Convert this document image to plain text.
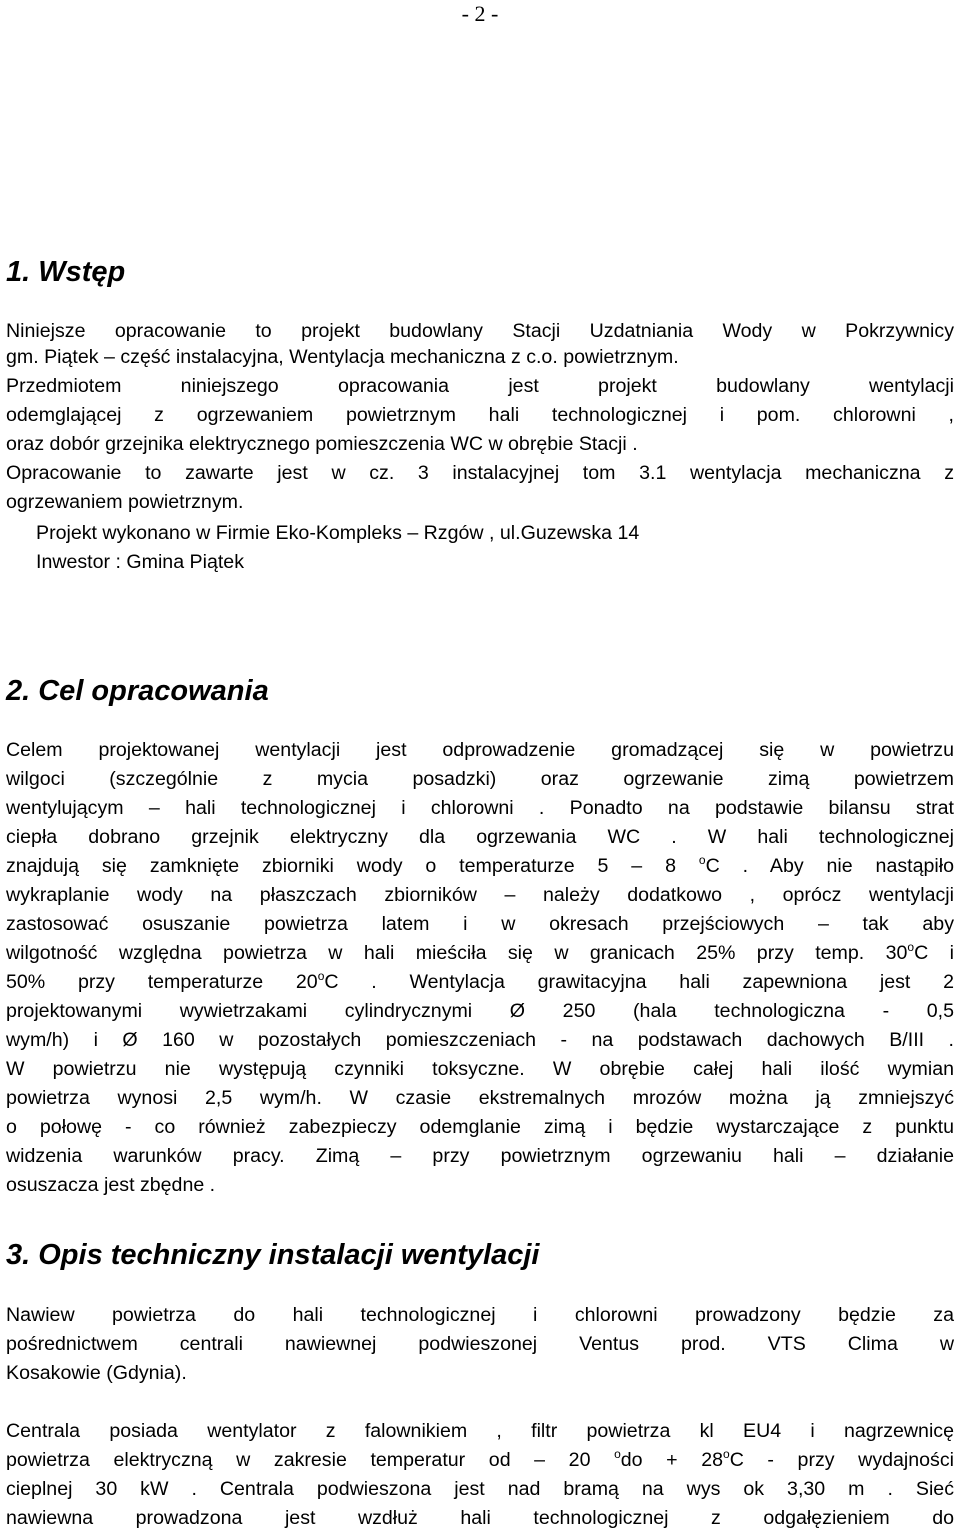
- 2 -
1. Wstęp
Niniejsze opracowanie to projekt budowlany Stacji Uzdatniania Wody w Pokrzywnicy
gm. Piątek – część instalacyjna, Wentylacja mechaniczna z c.o. powietrznym.
Przedmiotem niniejszego opracowania jest projekt budowlany wentylacji
odemglającej z ogrzewaniem powietrznym hali technologicznej i pom. chlorowni ,
oraz dobór grzejnika elektrycznego pomieszczenia WC w obrębie Stacji .
Opracowanie to zawarte jest w cz. 3 instalacyjnej tom 3.1 wentylacja mechaniczna z
ogrzewaniem powietrznym.
Projekt wykonano w Firmie Eko-Kompleks – Rzgów , ul.Guzewska 14
Inwestor : Gmina Piątek
2. Cel opracowania
Celem projektowanej wentylacji jest odprowadzenie gromadzącej się w powietrzu
wilgoci (szczególnie z mycia posadzki) oraz ogrzewanie zimą powietrzem
wentylującym – hali technologicznej i chlorowni . Ponadto na podstawie bilansu strat
ciepła dobrano grzejnik elektryczny dla ogrzewania WC . W hali technologicznej
znajdują się zamknięte zbiorniki wody o temperaturze 5 – 8 $^o$C . Aby nie nastąpiło
wykraplanie wody na płaszczach zbiorników – należy dodatkowo , oprócz wentylacji
zastosować osuszanie powietrza latem i w okresach przejściowych – tak aby
wilgotność względna powietrza w hali mieściła się w granicach 25% przy temp. 30$^o$C i
50% przy temperaturze 20$^o$C . Wentylacja grawitacyjna hali zapewniona jest 2
projektowanymi wywietrzakami cylindrycznymi Ø 250 (hala technologiczna - 0,5
wym/h) i Ø 160 w pozostałych pomieszczeniach - na podstawach dachowych B/III .
W powietrzu nie występują czynniki toksyczne. W obrębie całej hali ilość wymian
powietrza wynosi 2,5 wym/h. W czasie ekstremalnych mrozów można ją zmniejszyć
o połowę - co również zabezpieczy odemglanie zimą i będzie wystarczające z punktu
widzenia warunków pracy. Zimą – przy powietrznym ogrzewaniu hali – działanie
osuszacza jest zbędne .
3. Opis techniczny instalacji wentylacji
Nawiew powietrza do hali technologicznej i chlorowni prowadzony będzie za
pośrednictwem centrali nawiewnej podwieszonej Ventus prod. VTS Clima w
Kosakowie (Gdynia).
Centrala posiada wentylator z falownikiem , filtr powietrza kl EU4 i nagrzewnicę
powietrza elektryczną w zakresie temperatur od – 20 $^odo + 28^oC$ - przy wydajności
cieplnej 30 kW . Centrala podwieszona jest nad bramą na wys ok 3,30 m . Sieć
nawiewna prowadzona jest wzdłuż hali technologicznej z odgałęzieniem do
